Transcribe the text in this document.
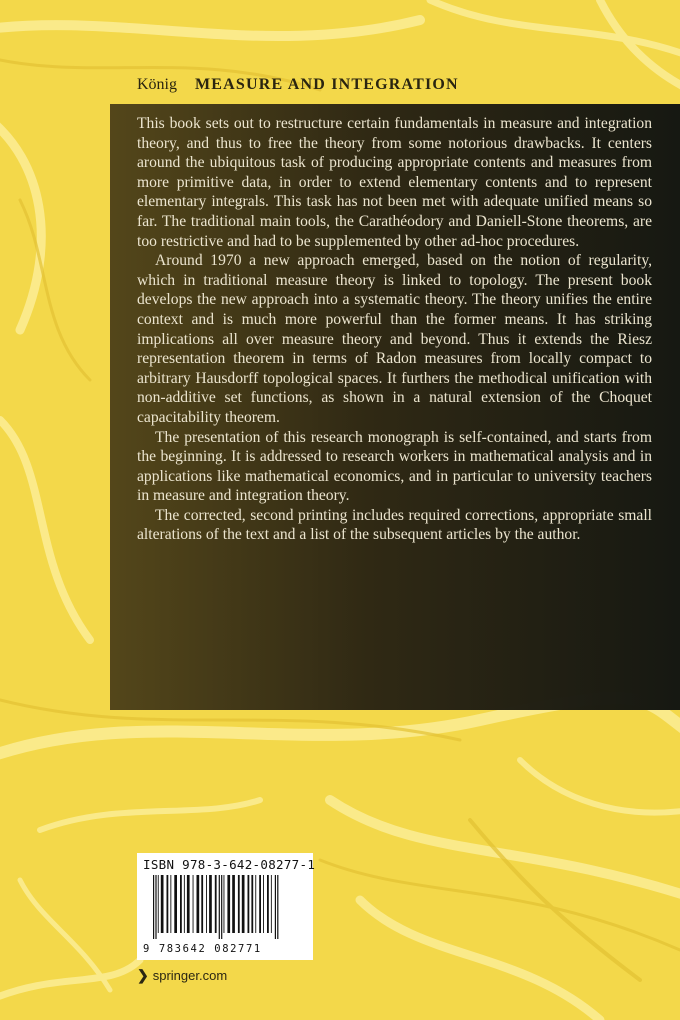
König MEASURE AND INTEGRATION

This book sets out to restructure certain fundamentals in measure and integration theory, and thus to free the theory from some notorious drawbacks. It centers around the ubiquitous task of producing appropriate contents and measures from more primitive data, in order to extend elementary contents and to represent elementary integrals. This task has not been met with adequate unified means so far. The traditional main tools, the Carathéodory and Daniell-Stone theorems, are too restrictive and had to be supplemented by other ad-hoc procedures.

Around 1970 a new approach emerged, based on the notion of regularity, which in traditional measure theory is linked to topology. The present book develops the new approach into a systematic theory. The theory unifies the entire context and is much more powerful than the former means. It has striking implications all over measure theory and beyond. Thus it extends the Riesz representation theorem in terms of Radon measures from locally compact to arbitrary Hausdorff topological spaces. It furthers the methodical unification with non-additive set functions, as shown in a natural extension of the Choquet capacitability theorem.

The presentation of this research monograph is self-contained, and starts from the beginning. It is addressed to research workers in mathematical analysis and in applications like mathematical economics, and in particular to university teachers in measure and integration theory.

The corrected, second printing includes required corrections, appropriate small alterations of the text and a list of the subsequent articles by the author.

ISBN 978-3-642-08277-1
9 783642 082771
❯ springer.com
